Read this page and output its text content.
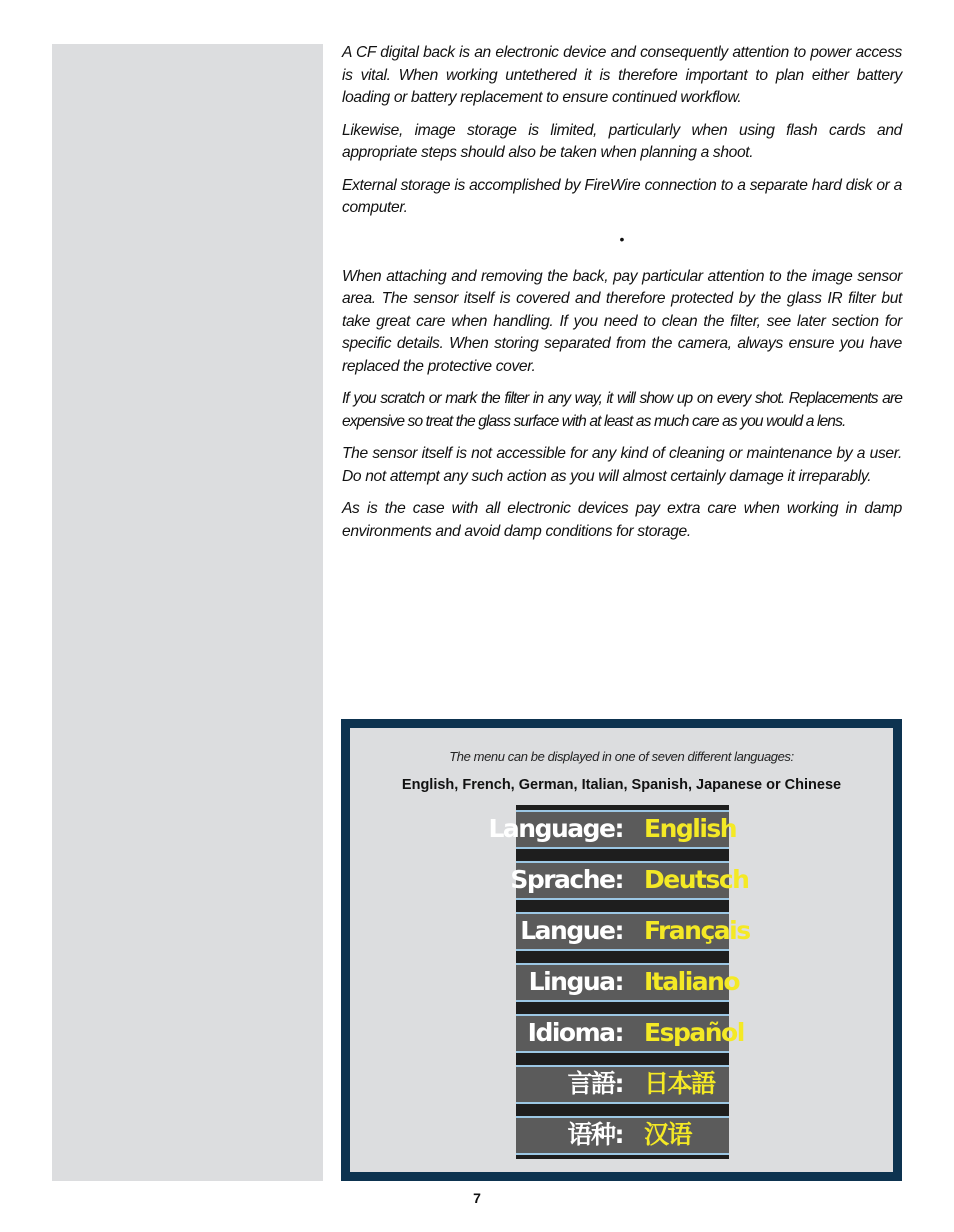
A CF digital back is an electronic device and consequently attention to power access is vital. When working untethered it is therefore important to plan either battery loading or battery replacement to ensure continued workflow.

Likewise, image storage is limited, particularly when using flash cards and appropriate steps should also be taken when planning a shoot.

External storage is accomplished by FireWire connection to a separate hard disk or a computer.

•

When attaching and removing the back, pay particular attention to the image sensor area. The sensor itself is covered and therefore protected by the glass IR filter but take great care when handling. If you need to clean the filter, see later section for specific details. When storing separated from the camera, always ensure you have replaced the protective cover.

If you scratch or mark the filter in any way, it will show up on every shot. Replacements are expensive so treat the glass surface with at least as much care as you would a lens.

The sensor itself is not accessible for any kind of cleaning or maintenance by a user. Do not attempt any such action as you will almost certainly damage it irreparably.

As is the case with all electronic devices pay extra care when working in damp environments and avoid damp conditions for storage.

The menu can be displayed in one of seven different languages:
English, French, German, Italian, Spanish, Japanese or Chinese
Language: English
Sprache: Deutsch
Langue: Français
Lingua: Italiano
Idioma: Español
言語: 日本語
语种: 汉语
7
